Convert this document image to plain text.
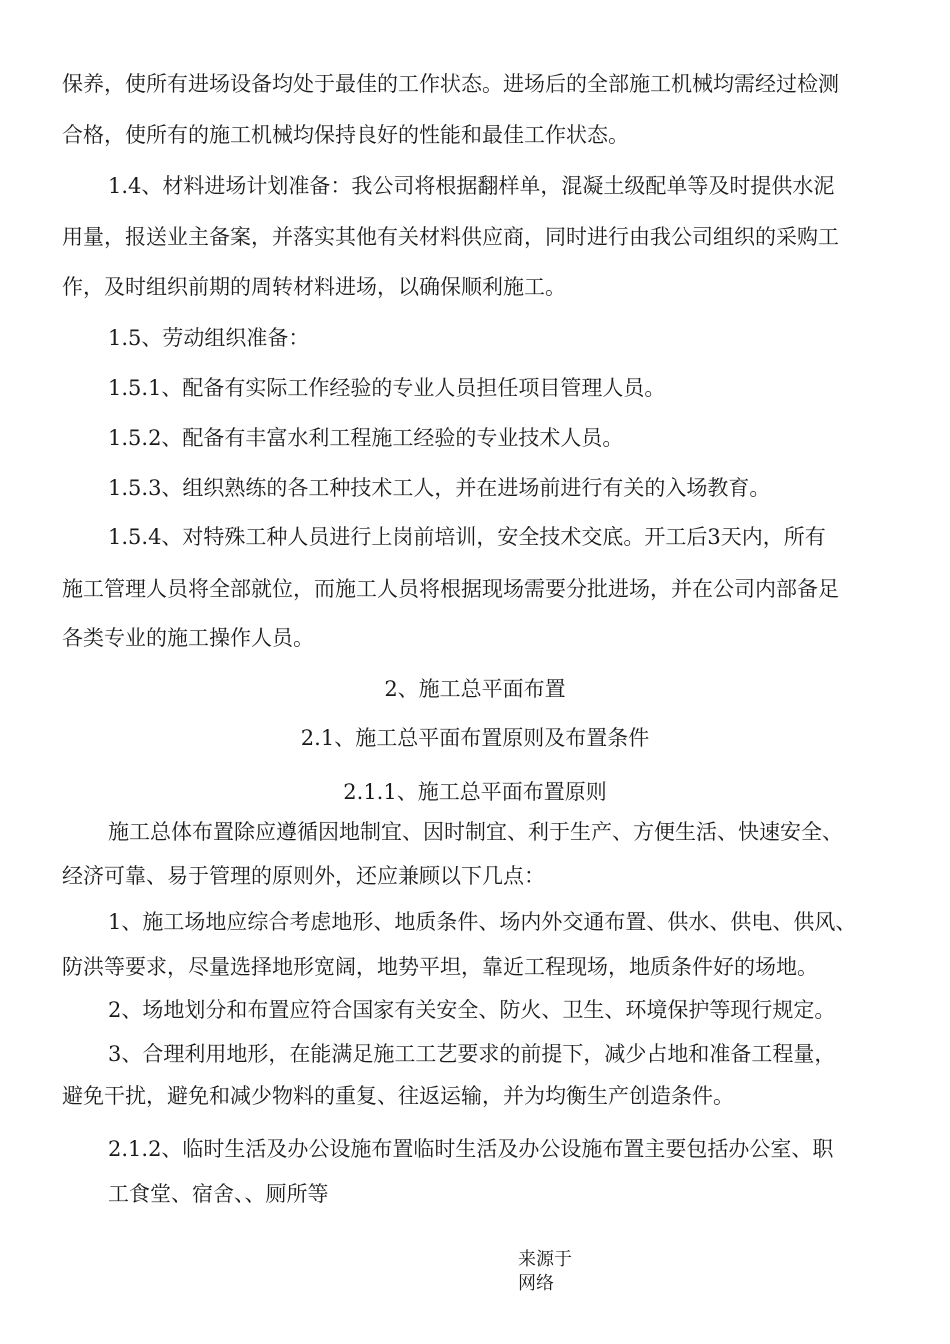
保养，使所有进场设备均处于最佳的工作状态。进场后的全部施工机械均需经过检测
合格，使所有的施工机械均保持良好的性能和最佳工作状态。
1.4、材料进场计划准备：我公司将根据翻样单，混凝土级配单等及时提供水泥
用量，报送业主备案，并落实其他有关材料供应商，同时进行由我公司组织的采购工
作，及时组织前期的周转材料进场，以确保顺利施工。
1.5、劳动组织准备：
1.5.1、配备有实际工作经验的专业人员担任项目管理人员。
1.5.2、配备有丰富水利工程施工经验的专业技术人员。
1.5.3、组织熟练的各工种技术工人，并在进场前进行有关的入场教育。
1.5.4、对特殊工种人员进行上岗前培训，安全技术交底。开工后3天内，所有
施工管理人员将全部就位，而施工人员将根据现场需要分批进场，并在公司内部备足
各类专业的施工操作人员。
2、施工总平面布置
2.1、施工总平面布置原则及布置条件
2.1.1、施工总平面布置原则
施工总体布置除应遵循因地制宜、因时制宜、利于生产、方便生活、快速安全、
经济可靠、易于管理的原则外，还应兼顾以下几点：
1、施工场地应综合考虑地形、地质条件、场内外交通布置、供水、供电、供风、
防洪等要求，尽量选择地形宽阔，地势平坦，靠近工程现场，地质条件好的场地。
2、场地划分和布置应符合国家有关安全、防火、卫生、环境保护等现行规定。
3、合理利用地形，在能满足施工工艺要求的前提下，减少占地和准备工程量，
避免干扰，避免和减少物料的重复、往返运输，并为均衡生产创造条件。
2.1.2、临时生活及办公设施布置临时生活及办公设施布置主要包括办公室、职
工食堂、宿舍、、厕所等
来源于网络
